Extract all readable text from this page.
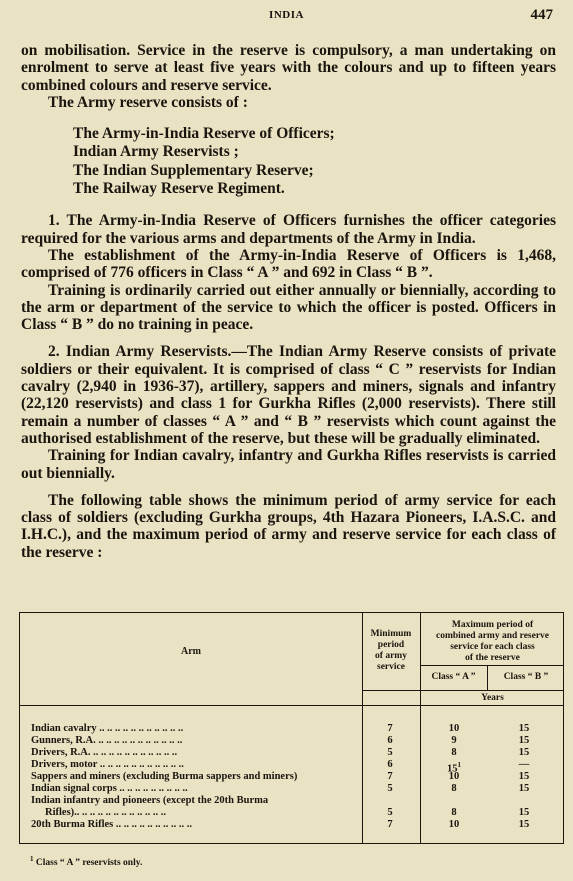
INDIA	447

on mobilisation. Service in the reserve is compulsory, a man undertaking on enrolment to serve at least five years with the colours and up to fifteen years combined colours and reserve service.

The Army reserve consists of :

The Army-in-India Reserve of Officers;
Indian Army Reservists ;
The Indian Supplementary Reserve;
The Railway Reserve Regiment.

1. The Army-in-India Reserve of Officers furnishes the officer categories required for the various arms and departments of the Army in India.

The establishment of the Army-in-India Reserve of Officers is 1,468, comprised of 776 officers in Class “ A ” and 692 in Class “ B ”.

Training is ordinarily carried out either annually or biennially, according to the arm or department of the service to which the officer is posted. Officers in Class “ B ” do no training in peace.

2. Indian Army Reservists.—The Indian Army Reserve consists of private soldiers or their equivalent. It is comprised of class “ C ” reservists for Indian cavalry (2,940 in 1936-37), artillery, sappers and miners, signals and infantry (22,120 reservists) and class 1 for Gurkha Rifles (2,000 reservists). There still remain a number of classes “ A ” and “ B ” reservists which count against the authorised establishment of the reserve, but these will be gradually eliminated.

Training for Indian cavalry, infantry and Gurkha Rifles reservists is carried out biennially.

The following table shows the minimum period of army service for each class of soldiers (excluding Gurkha groups, 4th Hazara Pioneers, I.A.S.C. and I.H.C.), and the maximum period of army and reserve service for each class of the reserve :

Arm
Minimum
period
of army
service
Maximum period of
combined army and reserve
service for each class
of the reserve
Class “ A ”	Class “ B ”
Years
Indian cavalry .. .. .. .. .. .. .. .. .. .. ..	7	10	15
Gunners, R.A. .. .. .. .. .. .. .. .. .. .. ..	6	9	15
Drivers, R.A. .. .. .. .. .. .. .. .. .. .. ..	5	8	15
Drivers, motor .. .. .. .. .. .. .. .. .. .. ..	6	$15^1$	—
Sappers and miners (excluding Burma sappers and miners)	7	10	15
Indian signal corps .. .. .. .. .. .. .. .. ..	5	8	15
Indian infantry and pioneers (except the 20th Burma
Rifles).. .. .. .. .. .. .. .. .. .. .. ..	5	8	15
20th Burma Rifles .. .. .. .. .. .. .. .. .. ..	7	10	15
$^1$ Class “ A ” reservists only.
